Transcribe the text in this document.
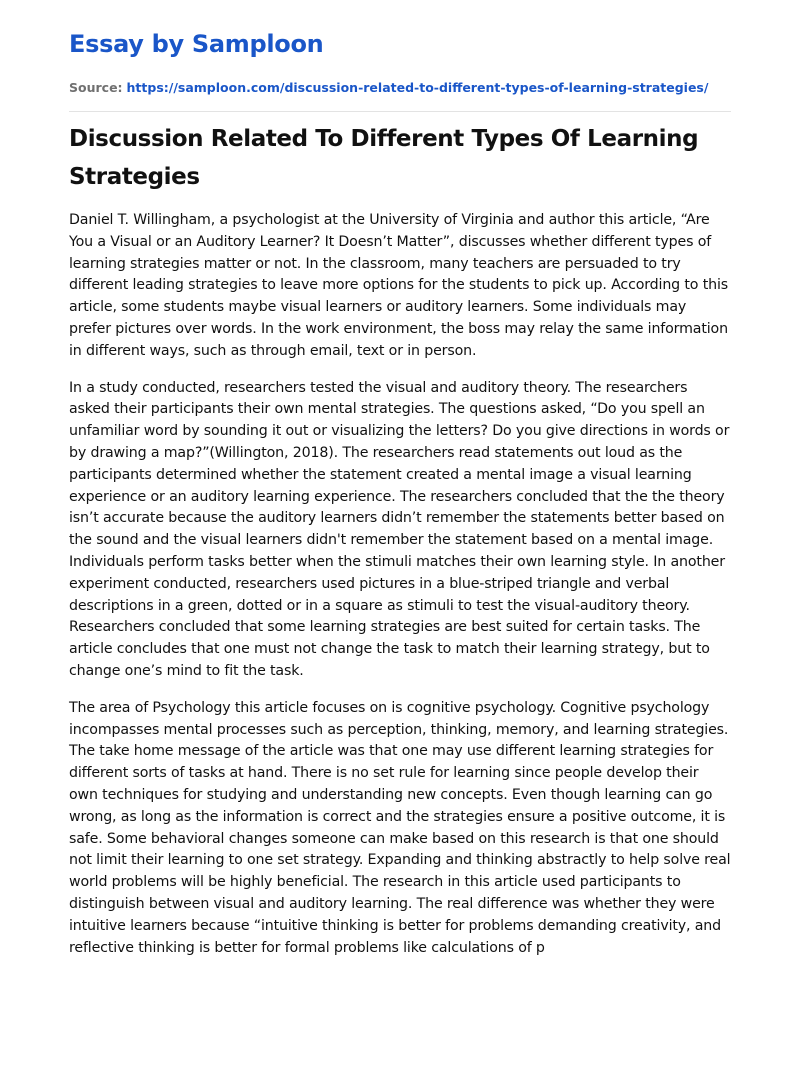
Essay by Samploon
Source: https://samploon.com/discussion-related-to-different-types-of-learning-strategies/
Discussion Related To Different Types Of Learning Strategies

Daniel T. Willingham, a psychologist at the University of Virginia and author this article, “Are You a Visual or an Auditory Learner? It Doesn’t Matter”, discusses whether different types of learning strategies matter or not. In the classroom, many teachers are persuaded to try different leading strategies to leave more options for the students to pick up. According to this article, some students maybe visual learners or auditory learners. Some individuals may prefer pictures over words. In the work environment, the boss may relay the same information in different ways, such as through email, text or in person.

In a study conducted, researchers tested the visual and auditory theory. The researchers asked their participants their own mental strategies. The questions asked, “Do you spell an unfamiliar word by sounding it out or visualizing the letters? Do you give directions in words or by drawing a map?”(Willington, 2018). The researchers read statements out loud as the participants determined whether the statement created a mental image a visual learning experience or an auditory learning experience. The researchers concluded that the the theory isn’t accurate because the auditory learners didn’t remember the statements better based on the sound and the visual learners didn't remember the statement based on a mental image. Individuals perform tasks better when the stimuli matches their own learning style. In another experiment conducted, researchers used pictures in a blue-striped triangle and verbal descriptions in a green, dotted or in a square as stimuli to test the visual-auditory theory. Researchers concluded that some learning strategies are best suited for certain tasks. The article concludes that one must not change the task to match their learning strategy, but to change one’s mind to fit the task.

The area of Psychology this article focuses on is cognitive psychology. Cognitive psychology incompasses mental processes such as perception, thinking, memory, and learning strategies. The take home message of the article was that one may use different learning strategies for different sorts of tasks at hand. There is no set rule for learning since people develop their own techniques for studying and understanding new concepts. Even though learning can go wrong, as long as the information is correct and the strategies ensure a positive outcome, it is safe. Some behavioral changes someone can make based on this research is that one should not limit their learning to one set strategy. Expanding and thinking abstractly to help solve real world problems will be highly beneficial. The research in this article used participants to distinguish between visual and auditory learning. The real difference was whether they were intuitive learners because “intuitive thinking is better for problems demanding creativity, and reflective thinking is better for formal problems like calculations of p
